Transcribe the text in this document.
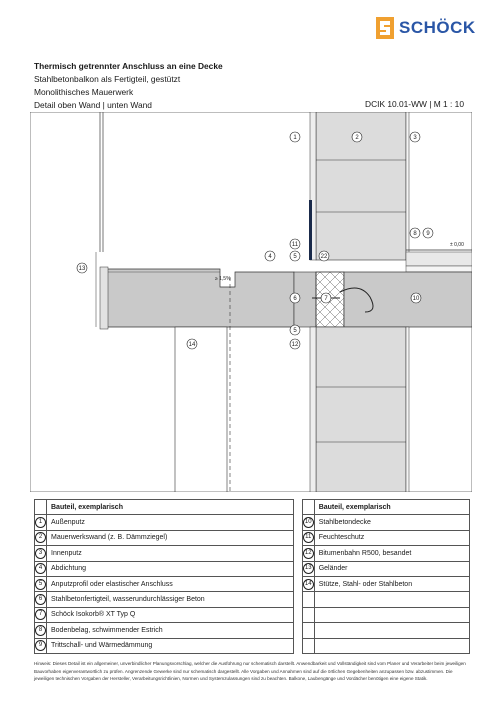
SCHÖCK
Thermisch getrennter Anschluss an eine Decke
Stahlbetonbalkon als Fertigteil, gestützt
Monolithisches Mauerwerk
Detail oben Wand | unten Wand	DCIK 10.01-WW | M 1 : 10
≥ 1,5%
1	2	3
11
4	5	22
8 9
13
6	7	10
5
12
14
± 0,00
	Bauteil, exemplarisch			Bauteil, exemplarisch
1	Außenputz		10	Stahlbetondecke
2	Mauerwerkswand (z. B. Dämmziegel)		11	Feuchteschutz
3	Innenputz		12	Bitumenbahn R500, besandet
4	Abdichtung		13	Geländer
5	Anputzprofil oder elastischer Anschluss		14	Stütze, Stahl- oder Stahlbeton
6	Stahlbetonfertigteil, wasserundurchlässiger Beton			
7	Schöck Isokorb® XT Typ Q			
8	Bodenbelag, schwimmender Estrich			
9	Trittschall- und Wärmedämmung			
Hinweis: Dieses Detail ist ein allgemeiner, unverbindlicher Planungsvorschlag, welcher die Ausführung nur schematisch darstellt. Anwendbarkeit und Vollständigkeit sind vom Planer und Verarbeiter beim jeweiligen Bauvorhaben eigenverantwortlich zu prüfen. Angrenzende Gewerke sind nur schematisch dargestellt. Alle Vorgaben und Annahmen sind auf die örtlichen Gegebenheiten anzupassen bzw. abzustimmen. Die jeweiligen technischen Vorgaben der Hersteller, Verarbeitungsrichtlinien, Normen und Systemzulassungen sind zu beachten. Balkone, Laubengänge und Vordächer benötigen eine eigene Statik.
